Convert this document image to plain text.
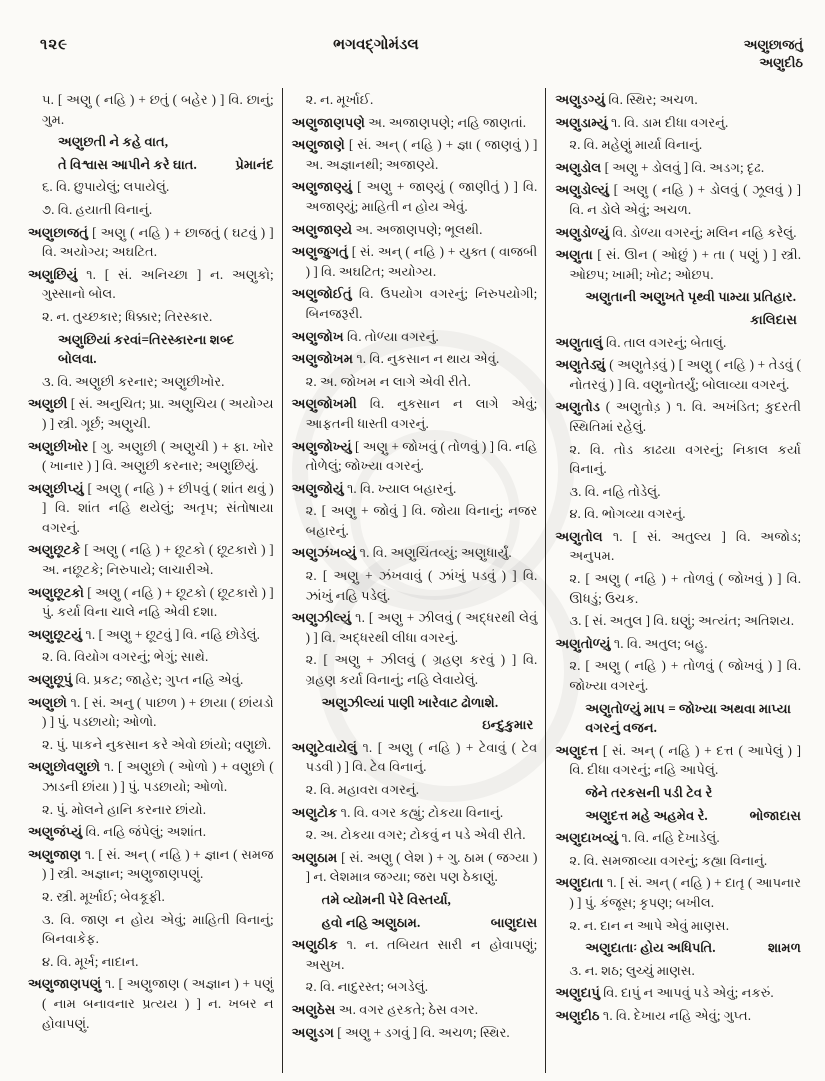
૧૨૯	ભગવદ્ગોમંડલ	અણુછાજતું
અણુદીઠ

૫. [ અણુ ( નહિ ) + છતું ( બહેર ) ] વિ. છાનું; ગુમ.

અણુછતી ને કહે વાત,

પ્રેમાનંદ
તે વિશ્વાસ આપીને કરે ઘાત.

૬. વિ. છુપાયેલું; લપાયેલું.

૭. વિ. હયાતી વિનાનું.

અણુછાજતું [ અણુ ( નહિ ) + છાજતું ( ઘટવું ) ] વિ. અયોગ્ય; અઘટિત.

અણુછિયું ૧. [ સં. અનિચ્છા ] ન. અણુકો; ગુસ્સાનો બોલ.

૨. ન. તુચ્છકાર; ધિક્કાર; તિરસ્કાર.

અણુછિયાં કરવાં=તિરસ્કારના શબ્દ બોલવા.

૩. વિ. અણુછી કરનાર; અણુછીખોર.

અણુછી [ સં. અનુચિત; પ્રા. અણુચિય ( અયોગ્ય ) ] સ્ત્રી. ગૂર્છ; અણુચી.

અણુછીખોર [ ગુ. અણુછી ( અણુચી ) + ફા. ખોર ( ખાનાર ) ] વિ. અણુછી કરનાર; અણુછિયું.

અણુછીપ્યું [ અણુ ( નહિ ) + છીપવું ( શાંત થવું ) ] વિ. શાંત નહિ થયેલું; અતૃપ; સંતોષાયા વગરનું.

અણુછૂટકે [ અણુ ( નહિ ) + છૂટકો ( છૂટકારો ) ] અ. નછૂટકે; નિરુપાયે; લાચારીએ.

અણુછૂટકો [ અણુ ( નહિ ) + છૂટકો ( છૂટકારો ) ] પું. કર્યા વિના ચાલે નહિ એવી દશા.

અણુછૂટયું ૧. [ અણુ + છૂટવું ] વિ. નહિ છોડેલું.

૨. વિ. વિયોગ વગરનું; ભેગું; સાથે.

અણુછૂપું વિ. પ્રકટ; જાહેર; ગુપ્ત નહિ એવું.

અણુછો ૧. [ સં. અનુ ( પાછળ ) + છાયા ( છાંયડો ) ] પું. પડછાયો; ઓળો.

૨. પું. પાકને નુકસાન કરે એવો છાંયો; વણુછો.

અણુછોવણુછો ૧. [ અણુછો ( ઓળો ) + વણુછો ( ઝાડની છાંયા ) ] પું. પડછાયો; ઓળો.

૨. પું. મોલને હાનિ કરનાર છાંયો.

અણુજંપ્યું વિ. નહિ જંપેલું; અશાંત.

અણુજાણ ૧. [ સં. અન્ ( નહિ ) + જ્ઞાન ( સમજ ) ] સ્ત્રી. અજ્ઞાન; અણુજાણપણું.

૨. સ્ત્રી. મૂર્ખાઈ; બેવકૂફી.

૩. વિ. જાણ ન હોય એવું; માહિતી વિનાનું; બિનવાકેફ.

૪. વિ. મૂર્ખ; નાદાન.

અણુજાણપણું ૧. [ અણુજાણ ( અજ્ઞાન ) + પણું ( નામ બનાવનાર પ્રત્યય ) ] ન. ખબર ન હોવાપણું.

૨. ન. મૂર્ખાઈ.

અણુજાણપણે અ. અજાણપણે; નહિ જાણતાં.

અણુજાણે [ સં. અન્ ( નહિ ) + જ્ઞા ( જાણવું ) ] અ. અજ્ઞાનથી; અજાણ્યે.

અણુજાણ્યું [ અણુ + જાણ્યું ( જાણીતું ) ] વિ. અજાણ્યું; માહિતી ન હોય એવું.

અણુજાણ્યે અ. અજાણપણે; ભૂલથી.

અણુજુગતું [ સં. અન્ ( નહિ ) + યુક્ત ( વાજબી ) ] વિ. અઘટિત; અયોગ્ય.

અણુજોઈતું વિ. ઉપયોગ વગરનું; નિરુપયોગી; બિનજરૂરી.

અણુજોખ વિ. તોળ્યા વગરનું.

અણુજોખમ ૧. વિ. નુકસાન ન થાય એવું.

૨. અ. જોખમ ન લાગે એવી રીતે.

અણુજોખમી વિ. નુકસાન ન લાગે એવું; આફતની ધાસ્તી વગરનું.

અણુજોખ્યું [ અણુ + જોખવું ( તોળવું ) ] વિ. નહિ તોળેલું; જોખ્યા વગરનું.

અણુજોયું ૧. વિ. ખ્યાલ બહારનું.

૨. [ અણુ + જોવું ] વિ. જોયા વિનાનું; નજર બહારનું.

અણુઝંખવ્યું ૧. વિ. અણુચિંતવ્યું; અણુધાર્યું.

૨. [ અણુ + ઝંખવાવું ( ઝાંખું પડવું ) ] વિ. ઝાંખું નહિ પડેલું.

અણુઝીલ્યું ૧. [ અણુ + ઝીલવું ( અદ્ધરથી લેવું ) ] વિ. અદ્ધરથી લીધા વગરનું.

૨. [ અણુ + ઝીલવું ( ગ્રહણ કરવું ) ] વિ. ગ્રહણ કર્યા વિનાનું; નહિ લેવાયેલું.

અણુઝીલ્યાં પાણી ખારેવાટ ઢોળાશે.

ઇન્દુકુમાર

અણુટેવાયેલું ૧. [ અણુ ( નહિ ) + ટેવાવું ( ટેવ પડવી ) ] વિ. ટેવ વિનાનું.

૨. વિ. મહાવરા વગરનું.

અણુટોક ૧. વિ. વગર કહ્યું; ટોકયા વિનાનું.

૨. અ. ટોકયા વગર; ટોકવું ન પડે એવી રીતે.

અણુઠામ [ સં. અણુ ( લેશ ) + ગુ. ઠામ ( જગ્યા ) ] ન. લેશમાત્ર જગ્યા; જરા પણ ઠેકાણું.

તમે વ્યોમની પેરે વિસ્તર્યા,

બાણુદાસ
હવો નહિ અણુઠામ.

અણુઠીક ૧. ન. તબિયત સારી ન હોવાપણું; અસુખ.

૨. વિ. નાદુરસ્ત; બગડેલું.

અણુઠેસ અ. વગર હરકતે; ઠેસ વગર.

અણુડગ [ અણુ + ડગવું ] વિ. અચળ; સ્થિર.

અણુડગ્યું વિ. સ્થિર; અચળ.

અણુડામ્યું ૧. વિ. ડામ દીધા વગરનું.

૨. વિ. મહેણું માર્યા વિનાનું.

અણુડોલ [ અણુ + ડોલવું ] વિ. અડગ; દૃઢ.

અણુડોલ્યું [ અણુ ( નહિ ) + ડોલવું ( ઝૂલવું ) ] વિ. ન ડોલે એવું; અચળ.

અણુડોળ્યું વિ. ડોળ્યા વગરનું; મલિન નહિ કરેલું.

અણુતા [ સં. ઊન ( ઓછું ) + તા ( પણું ) ] સ્ત્રી. ઓછપ; ખામી; ખોટ; ઓછપ.

અણુતાની અણુખતે પૃથ્વી પામ્યા પ્રતિહાર.

કાલિદાસ

અણુતાલું વિ. તાલ વગરનું; બેતાલું.

અણુતેડ્યું ( અણુતેડ઼વું ) [ અણુ ( નહિ ) + તેડવું ( નોતરવું ) ] વિ. વણુનોતર્યું; બોલાવ્યા વગરનું.

અણુતોડ ( અણુતોડ઼ ) ૧. વિ. અખંડિત; કુદરતી સ્થિતિમાં રહેલું.

૨. વિ. તોડ કાઢયા વગરનું; નિકાલ કર્યા વિનાનું.

૩. વિ. નહિ તોડેલું.

૪. વિ. ભોગવ્યા વગરનું.

અણુતોલ ૧. [ સં. અતુલ્ય ] વિ. અજોડ; અનુપમ.

૨. [ અણુ ( નહિ ) + તોળવું ( જોખવું ) ] વિ. ઊધડું; ઉચક.

૩. [ સં. અતુલ ] વિ. ઘણું; અત્યંત; અતિશય.

અણુતોળ્યું ૧. વિ. અતુલ; બહુ.

૨. [ અણુ ( નહિ ) + તોળવું ( જોખવું ) ] વિ. જોખ્યા વગરનું.

અણુતોળ્યું માપ = જોખ્યા અથવા માપ્યા વગરનું વજન.

અણુદત્ત [ સં. અન્ ( નહિ ) + દત્ત ( આપેલું ) ] વિ. દીધા વગરનું; નહિ આપેલું.

જેને તરકસની પડી ટેવ રે

ભોજાદાસ
અણુદત્ત મહે અહમેવ રે.

અણુદાખવ્યું ૧. વિ. નહિ દેખાડેલું.

૨. વિ. સમજાવ્યા વગરનું; કહ્યા વિનાનું.

અણુદાતા ૧. [ સં. અન્ ( નહિ ) + દાતૃ ( આપનાર ) ] પું. કંજૂસ; કૃપણ; બખીલ.

૨. ન. દાન ન આપે એવું માણસ.

શામળ
અણુદાતાઃ હોય અધિપતિ.

૩. ન. શઠ; લુચ્ચું માણસ.

અણુદાપું વિ. દાપું ન આપવું પડે એવું; નકરું.

અણુદીઠ ૧. વિ. દેખાય નહિ એવું; ગુપ્ત.
